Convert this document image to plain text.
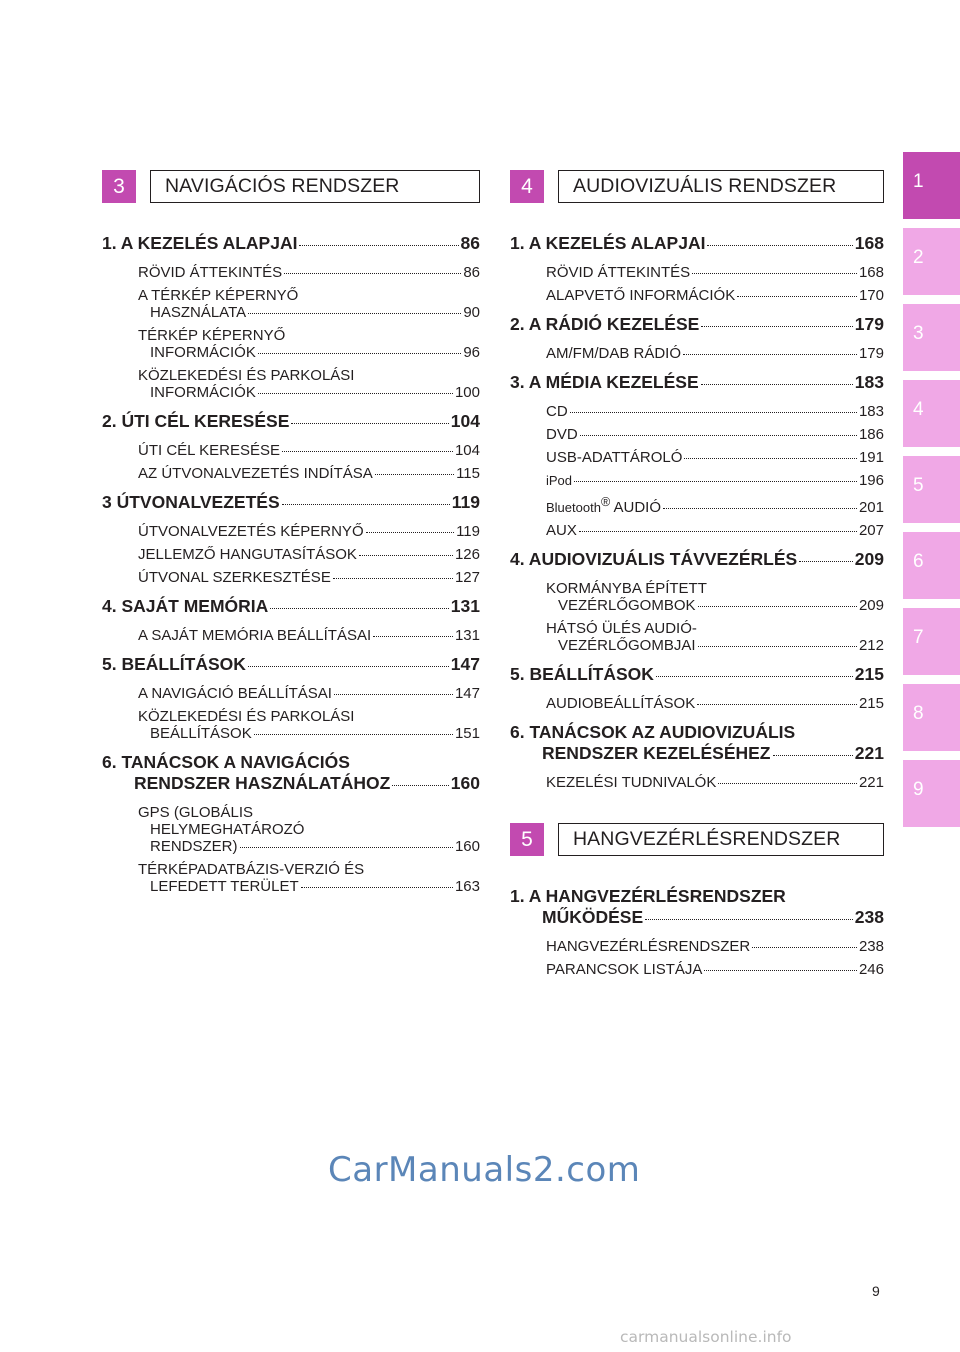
1
2
3
4
5
6
7
8
9
3	NAVIGÁCIÓS RENDSZER
1. A KEZELÉS ALAPJAI	86
RÖVID ÁTTEKINTÉS	86
A TÉRKÉP KÉPERNYŐ
HASZNÁLATA	90
TÉRKÉP KÉPERNYŐ
INFORMÁCIÓK	96
KÖZLEKEDÉSI ÉS PARKOLÁSI
INFORMÁCIÓK	100
2. ÚTI CÉL KERESÉSE	104
ÚTI CÉL KERESÉSE	104
AZ ÚTVONALVEZETÉS INDÍTÁSA	115
3 ÚTVONALVEZETÉS	119
ÚTVONALVEZETÉS KÉPERNYŐ	119
JELLEMZŐ HANGUTASÍTÁSOK	126
ÚTVONAL SZERKESZTÉSE	127
4. SAJÁT MEMÓRIA	131
A SAJÁT MEMÓRIA BEÁLLÍTÁSAI	131
5. BEÁLLÍTÁSOK	147
A NAVIGÁCIÓ BEÁLLÍTÁSAI	147
KÖZLEKEDÉSI ÉS PARKOLÁSI
BEÁLLÍTÁSOK	151
6. TANÁCSOK A NAVIGÁCIÓS
RENDSZER HASZNÁLATÁHOZ	160
GPS (GLOBÁLIS
HELYMEGHATÁROZÓ
RENDSZER)	160
TÉRKÉPADATBÁZIS-VERZIÓ ÉS
LEFEDETT TERÜLET	163
4	AUDIOVIZUÁLIS RENDSZER
1. A KEZELÉS ALAPJAI	168
RÖVID ÁTTEKINTÉS	168
ALAPVETŐ INFORMÁCIÓK	170
2. A RÁDIÓ KEZELÉSE	179
AM/FM/DAB RÁDIÓ	179
3. A MÉDIA KEZELÉSE	183
CD	183
DVD	186
USB-ADATTÁROLÓ	191
iPod	196
Bluetooth® AUDIÓ	201
AUX	207
4. AUDIOVIZUÁLIS TÁVVEZÉRLÉS	209
KORMÁNYBA ÉPÍTETT
VEZÉRLŐGOMBOK	209
HÁTSÓ ÜLÉS AUDIÓ-
VEZÉRLŐGOMBJAI	212
5. BEÁLLÍTÁSOK	215
AUDIOBEÁLLÍTÁSOK	215
6. TANÁCSOK AZ AUDIOVIZUÁLIS
RENDSZER KEZELÉSÉHEZ	221
KEZELÉSI TUDNIVALÓK	221
5	HANGVEZÉRLÉSRENDSZER
1. A HANGVEZÉRLÉSRENDSZER
MŰKÖDÉSE	238
HANGVEZÉRLÉSRENDSZER	238
PARANCSOK LISTÁJA	246
CarManuals2.com
9
carmanualsonline.info
